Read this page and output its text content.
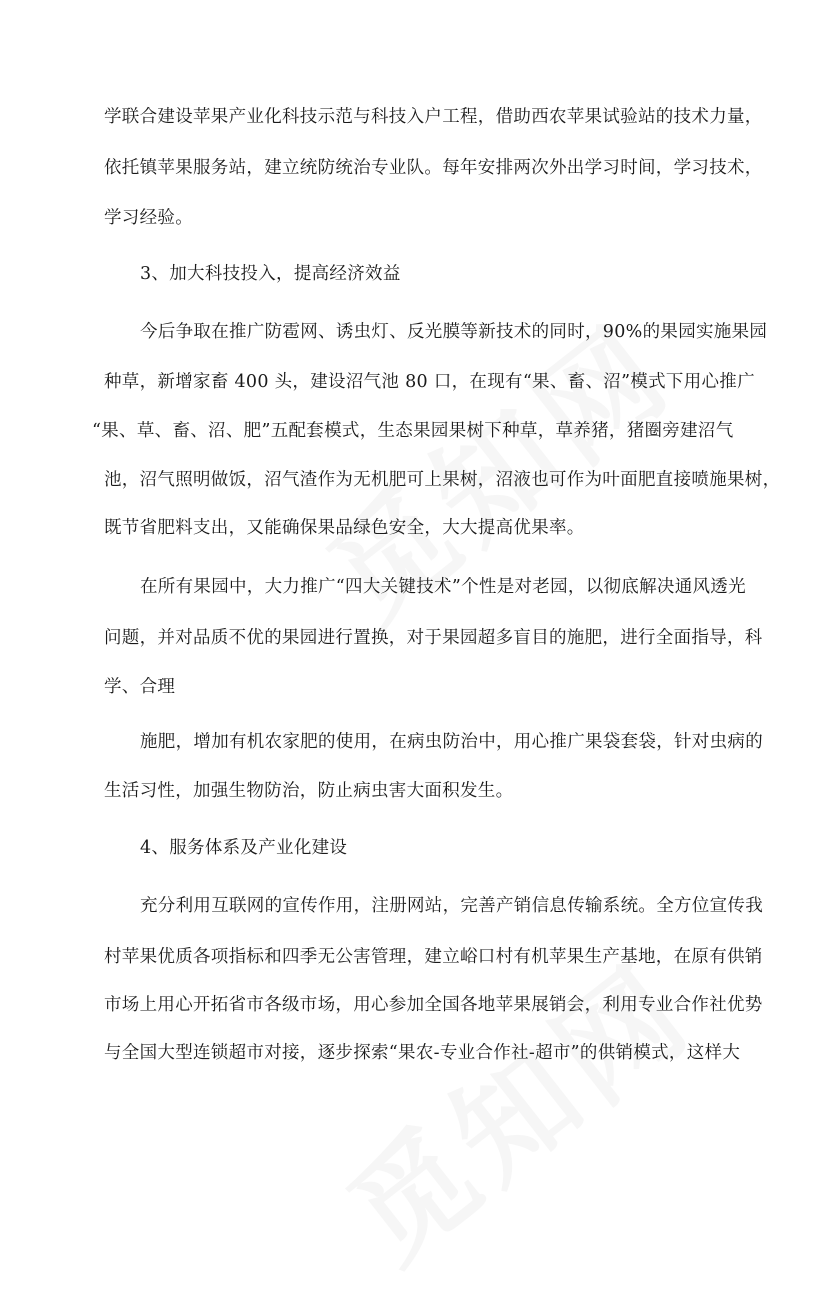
学联合建设苹果产业化科技示范与科技入户工程，借助西农苹果试验站的技术力量，
依托镇苹果服务站，建立统防统治专业队。每年安排两次外出学习时间，学习技术，
学习经验。
3、加大科技投入，提高经济效益
今后争取在推广防雹网、诱虫灯、反光膜等新技术的同时，90%的果园实施果园
种草，新增家畜 400 头，建设沼气池 80 口，在现有“果、畜、沼”模式下用心推广
“果、草、畜、沼、肥”五配套模式，生态果园果树下种草，草养猪，猪圈旁建沼气
池，沼气照明做饭，沼气渣作为无机肥可上果树，沼液也可作为叶面肥直接喷施果树，
既节省肥料支出，又能确保果品绿色安全，大大提高优果率。
在所有果园中，大力推广“四大关键技术”个性是对老园，以彻底解决通风透光
问题，并对品质不优的果园进行置换，对于果园超多盲目的施肥，进行全面指导，科
学、合理
施肥，增加有机农家肥的使用，在病虫防治中，用心推广果袋套袋，针对虫病的
生活习性，加强生物防治，防止病虫害大面积发生。
4、服务体系及产业化建设
充分利用互联网的宣传作用，注册网站，完善产销信息传输系统。全方位宣传我
村苹果优质各项指标和四季无公害管理，建立峪口村有机苹果生产基地，在原有供销
市场上用心开拓省市各级市场，用心参加全国各地苹果展销会，利用专业合作社优势
与全国大型连锁超市对接，逐步探索“果农-专业合作社-超市”的供销模式，这样大
